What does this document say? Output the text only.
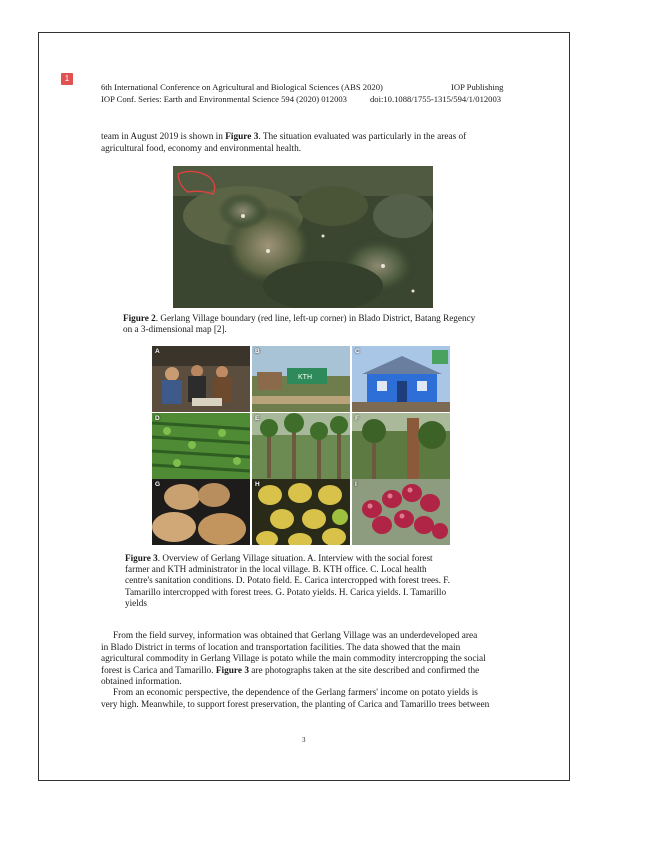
1
6th International Conference on Agricultural and Biological Sciences (ABS 2020)	IOP Publishing
IOP Conf. Series: Earth and Environmental Science 594 (2020) 012003	doi:10.1088/1755-1315/594/1/012003
team in August 2019 is shown in Figure 3. The situation evaluated was particularly in the areas of
agricultural food, economy and environmental health.
Figure 2. Gerlang Village boundary (red line, left-up corner) in Blado District, Batang Regency
on a 3-dimensional map [2].
A
KTH
B	C
D	E	F
G	H	I
Figure 3. Overview of Gerlang Village situation. A. Interview with the social forest
farmer and KTH administrator in the local village. B. KTH office. C. Local health
centre's sanitation conditions. D. Potato field. E. Carica intercropped with forest trees. F.
Tamarillo intercropped with forest trees. G. Potato yields. H. Carica yields. I. Tamarillo
yields
From the field survey, information was obtained that Gerlang Village was an underdeveloped area
in Blado District in terms of location and transportation facilities. The data showed that the main
agricultural commodity in Gerlang Village is potato while the main commodity intercropping the social
forest is Carica and Tamarillo. Figure 3 are photographs taken at the site described and confirmed the
obtained information.
From an economic perspective, the dependence of the Gerlang farmers' income on potato yields is
very high. Meanwhile, to support forest preservation, the planting of Carica and Tamarillo trees between
3
